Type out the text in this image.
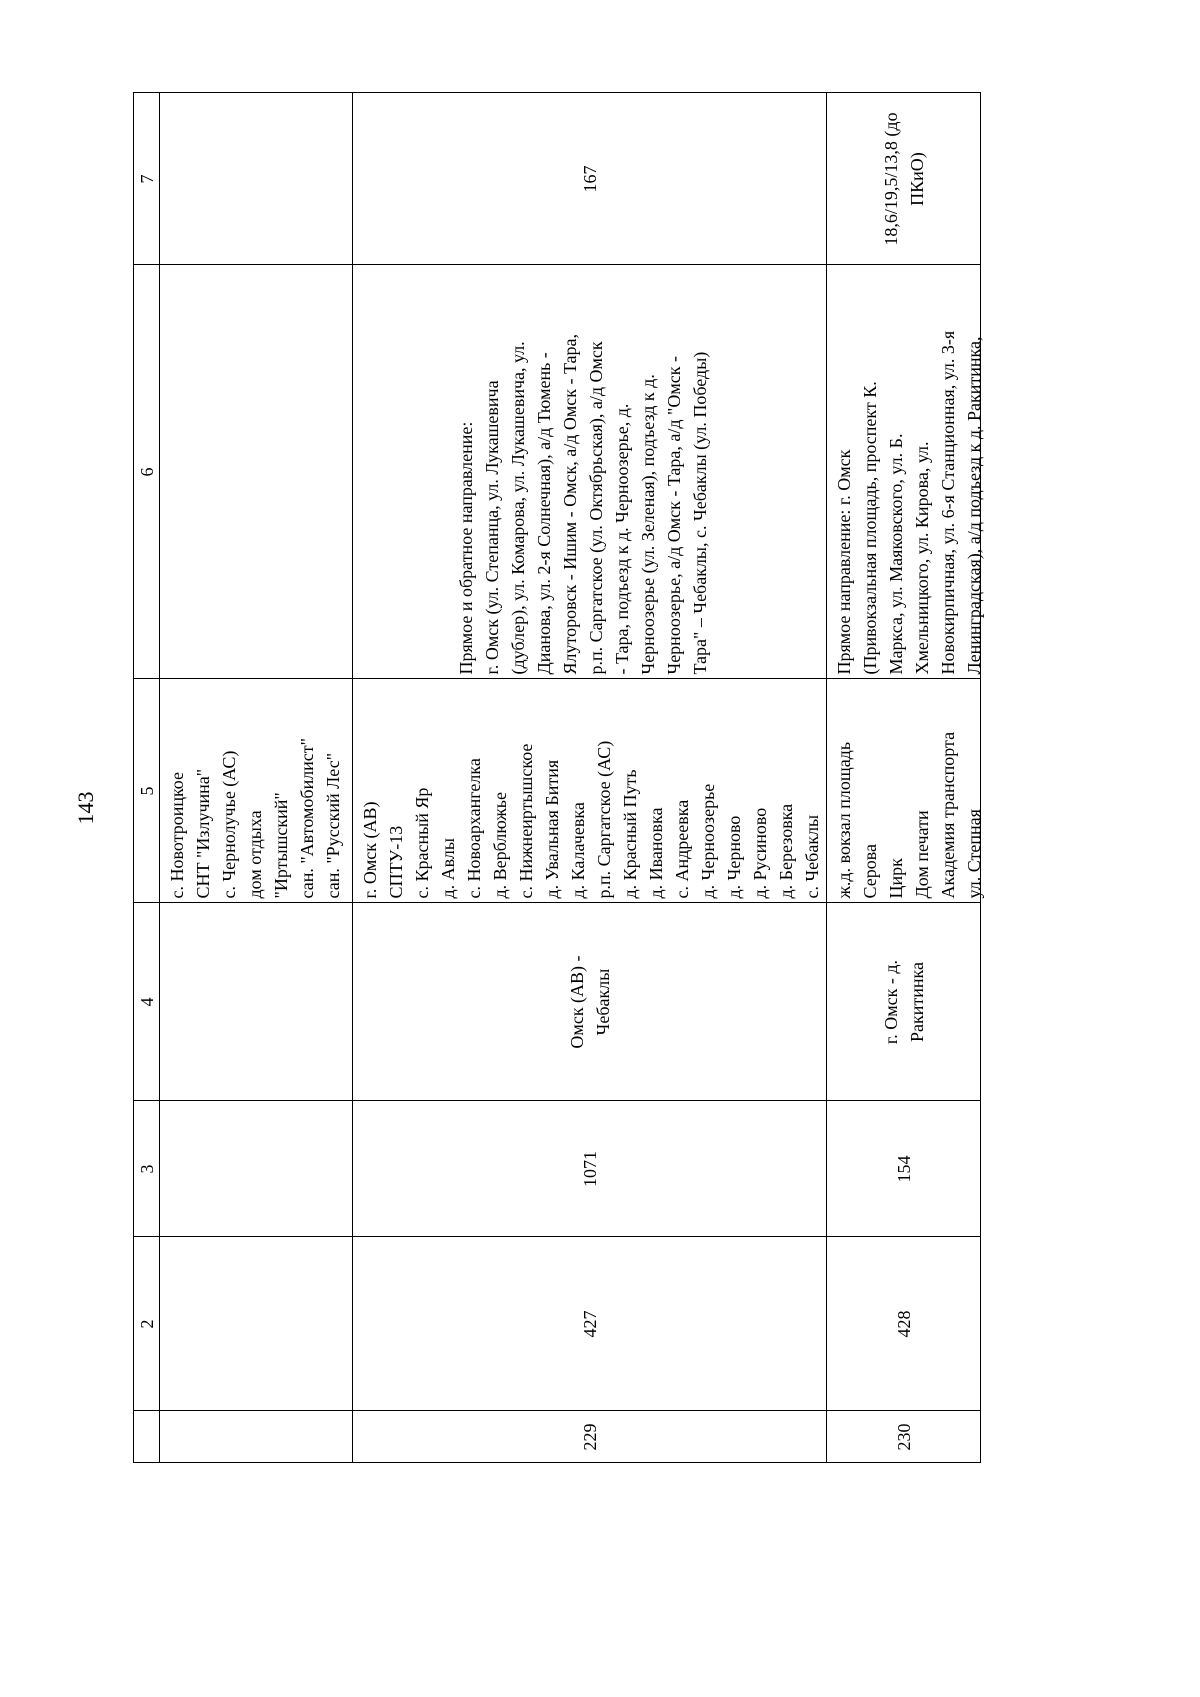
143
7
6
5
4
3
2
с. Новотроицкое СНТ "Излучина" с. Чернолучье (АС) дом отдыха "Иртышский" сан. "Автомобилист" сан. "Русский Лес"
167
Прямое и обратное направление: г. Омск (ул. Степанца, ул. Лукашевича (дублер), ул. Комарова, ул. Лукашевича, ул. Дианова, ул. 2-я Солнечная), а/д Тюмень - Ялуторовск - Ишим - Омск, а/д Омск - Тара, р.п. Саргатское (ул. Октябрьская), а/д Омск - Тара, подъезд к д. Черноозерье, д. Черноозерье (ул. Зеленая), подъезд к д. Черноозерье, а/д Омск - Тара, а/д "Омск - Тара" – Чебаклы, с. Чебаклы (ул. Победы)
г. Омск (АВ) СПТУ-13 с. Красный Яр д. Авлы с. Новоархангелка д. Верблюжье с. Нижнеиртышское д. Увальная Бития д. Калачевка р.п. Саргатское (АС) д. Красный Путь д. Ивановка с. Андреевка д. Черноозерье д. Черново д. Русиново д. Березовка с. Чебаклы
Омск (АВ) - Чебаклы
1071
427
229
18,6/19,5/13,8 (до ПКиО)
Прямое направление: г. Омск (Привокзальная площадь, проспект К. Маркса, ул. Маяковского, ул. Б. Хмельницкого, ул. Кирова, ул. Новокирпичная, ул. 6-я Станционная, ул. 3-я Ленинградская), а/д подъезд к д. Ракитинка,
ж.д. вокзал площадь Серова Цирк Дом печати Академия транспорта ул. Степная
г. Омск - д. Ракитинка
154
428
230
